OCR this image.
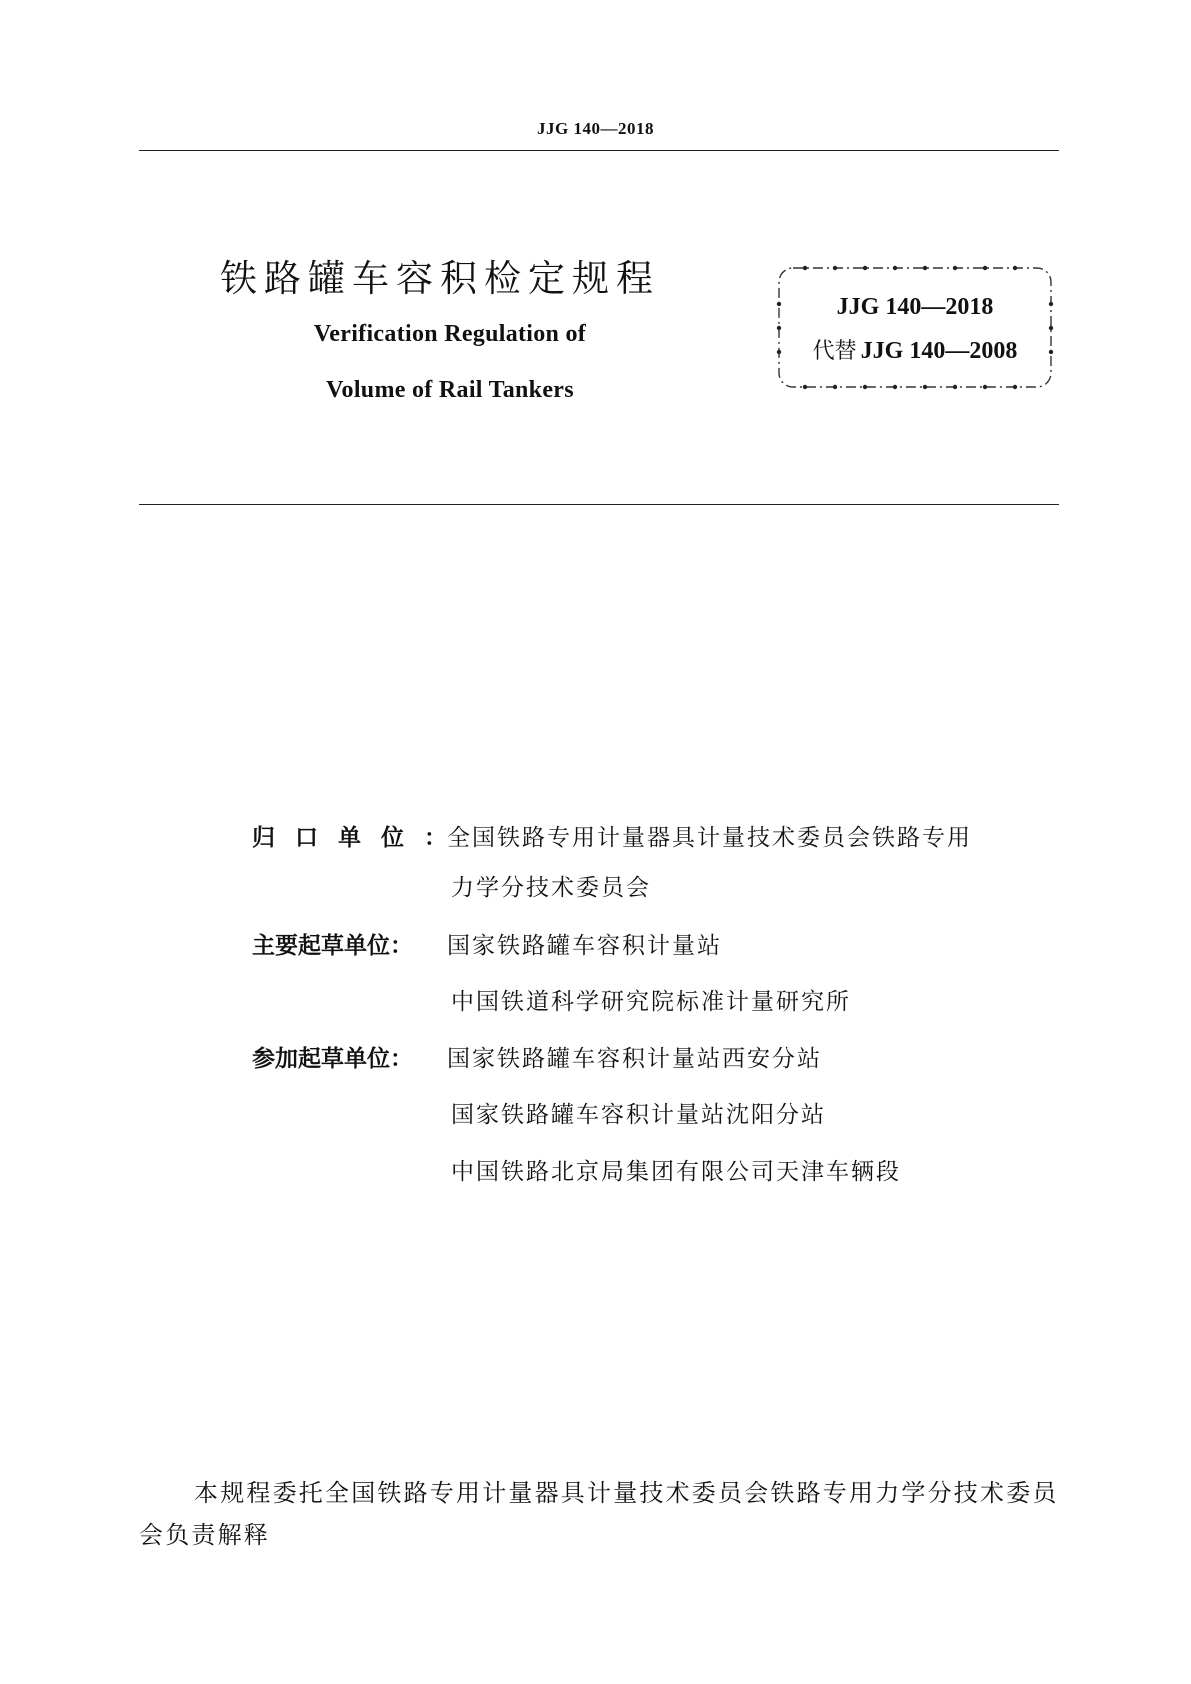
JJG 140—2018
铁路罐车容积检定规程
Verification Regulation of
Volume of Rail Tankers
JJG 140—2018
代替 JJG 140—2008
归口单位：全国铁路专用计量器具计量技术委员会铁路专用
力学分技术委员会
主要起草单位： 国家铁路罐车容积计量站
中国铁道科学研究院标准计量研究所
参加起草单位： 国家铁路罐车容积计量站西安分站
国家铁路罐车容积计量站沈阳分站
中国铁路北京局集团有限公司天津车辆段
本规程委托全国铁路专用计量器具计量技术委员会铁路专用力学分技术委员会负责解释
